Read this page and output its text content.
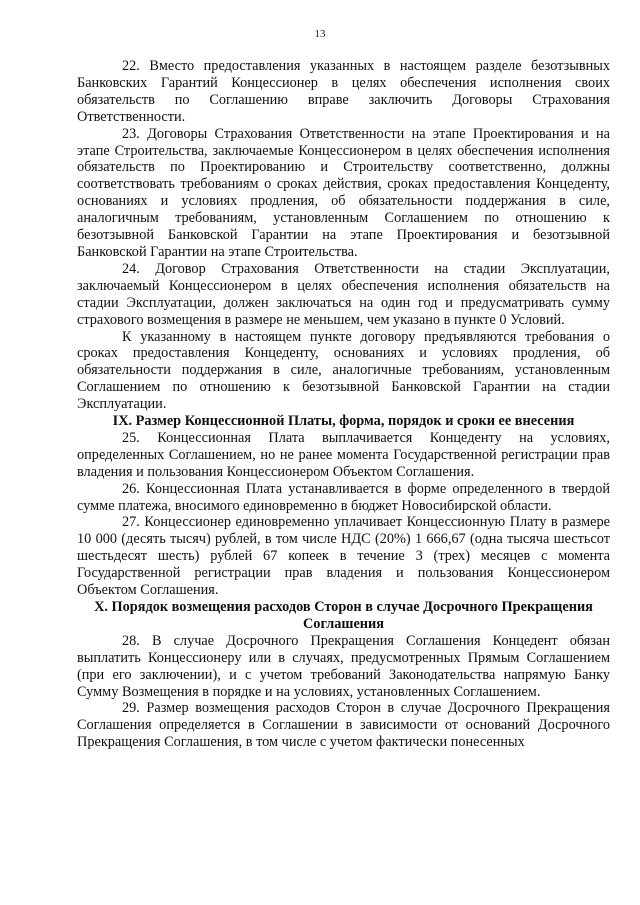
13

22. Вместо предоставления указанных в настоящем разделе безотзывных Банковских Гарантий Концессионер в целях обеспечения исполнения своих обязательств по Соглашению вправе заключить Договоры Страхования Ответственности.

23. Договоры Страхования Ответственности на этапе Проектирования и на этапе Строительства, заключаемые Концессионером в целях обеспечения исполнения обязательств по Проектированию и Строительству соответственно, должны соответствовать требованиям о сроках действия, сроках предоставления Концеденту, основаниях и условиях продления, об обязательности поддержания в силе, аналогичным требованиям, установленным Соглашением по отношению к безотзывной Банковской Гарантии на этапе Проектирования и безотзывной Банковской Гарантии на этапе Строительства.

24. Договор Страхования Ответственности на стадии Эксплуатации, заключаемый Концессионером в целях обеспечения исполнения обязательств на стадии Эксплуатации, должен заключаться на один год и предусматривать сумму страхового возмещения в размере не меньшем, чем указано в пункте 0 Условий.

К указанному в настоящем пункте договору предъявляются требования о сроках предоставления Концеденту, основаниях и условиях продления, об обязательности поддержания в силе, аналогичные требованиям, установленным Соглашением по отношению к безотзывной Банковской Гарантии на стадии Эксплуатации.

IX. Размер Концессионной Платы, форма, порядок и сроки ее внесения

25. Концессионная Плата выплачивается Концеденту на условиях, определенных Соглашением, но не ранее момента Государственной регистрации прав владения и пользования Концессионером Объектом Соглашения.

26. Концессионная Плата устанавливается в форме определенного в твердой сумме платежа, вносимого единовременно в бюджет Новосибирской области.

27. Концессионер единовременно уплачивает Концессионную Плату в размере 10 000 (десять тысяч) рублей, в том числе НДС (20%) 1 666,67 (одна тысяча шестьсот шестьдесят шесть) рублей 67 копеек в течение 3 (трех) месяцев с момента Государственной регистрации прав владения и пользования Концессионером Объектом Соглашения.

X. Порядок возмещения расходов Сторон в случае Досрочного Прекращения Соглашения

28. В случае Досрочного Прекращения Соглашения Концедент обязан выплатить Концессионеру или в случаях, предусмотренных Прямым Соглашением (при его заключении), и с учетом требований Законодательства напрямую Банку Сумму Возмещения в порядке и на условиях, установленных Соглашением.

29. Размер возмещения расходов Сторон в случае Досрочного Прекращения Соглашения определяется в Соглашении в зависимости от оснований Досрочного Прекращения Соглашения, в том числе с учетом фактически понесенных
